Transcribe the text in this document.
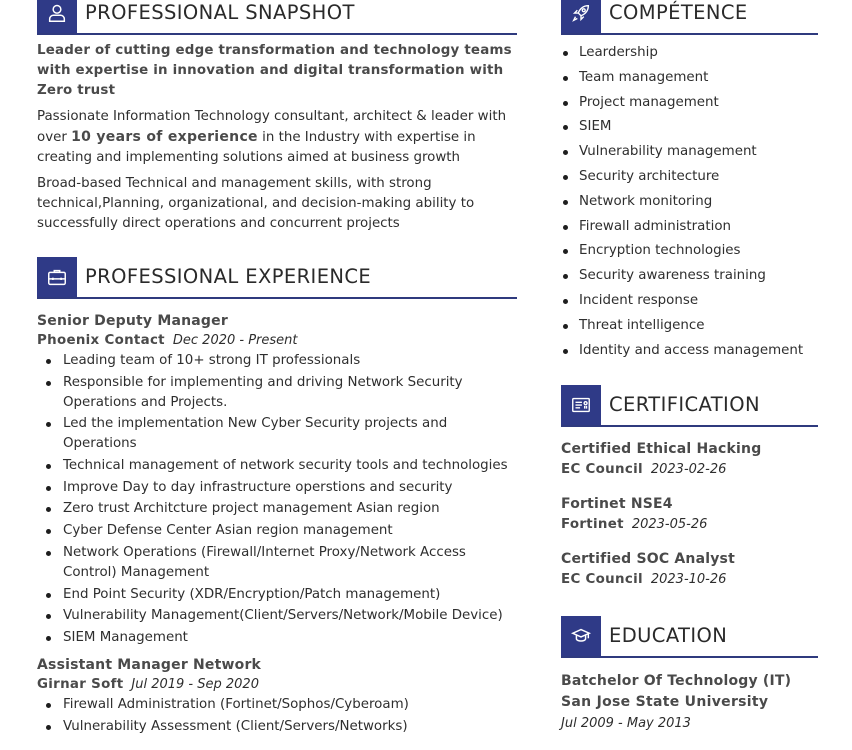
PROFESSIONAL SNAPSHOT
Leader of cutting edge transformation and technology teams with expertise in innovation and digital transformation with Zero trust
Passionate Information Technology consultant, architect & leader with over 10 years of experience in the Industry with expertise in creating and implementing solutions aimed at business growth
Broad-based Technical and management skills, with strong technical,Planning, organizational, and decision-making ability to successfully direct operations and concurrent projects
PROFESSIONAL EXPERIENCE
Senior Deputy Manager
Phoenix Contact Dec 2020 - Present
Leading team of 10+ strong IT professionals
Responsible for implementing and driving Network Security Operations and Projects.
Led the implementation New Cyber Security projects and Operations
Technical management of network security tools and technologies
Improve Day to day infrastructure operstions and security
Zero trust Architcture project management Asian region
Cyber Defense Center Asian region management
Network Operations (Firewall/Internet Proxy/Network Access Control) Management
End Point Security (XDR/Encryption/Patch management)
Vulnerability Management(Client/Servers/Network/Mobile Device)
SIEM Management
Assistant Manager Network
Girnar Soft Jul 2019 - Sep 2020
Firewall Administration (Fortinet/Sophos/Cyberoam)
Vulnerability Assessment (Client/Servers/Networks)
COMPÉTENCE
Leardership
Team management
Project management
SIEM
Vulnerability management
Security architecture
Network monitoring
Firewall administration
Encryption technologies
Security awareness training
Incident response
Threat intelligence
Identity and access management
CERTIFICATION
Certified Ethical Hacking
EC Council 2023-02-26
Fortinet NSE4
Fortinet 2023-05-26
Certified SOC Analyst
EC Council 2023-10-26
EDUCATION
Batchelor Of Technology (IT)
San Jose State University
Jul 2009 - May 2013
